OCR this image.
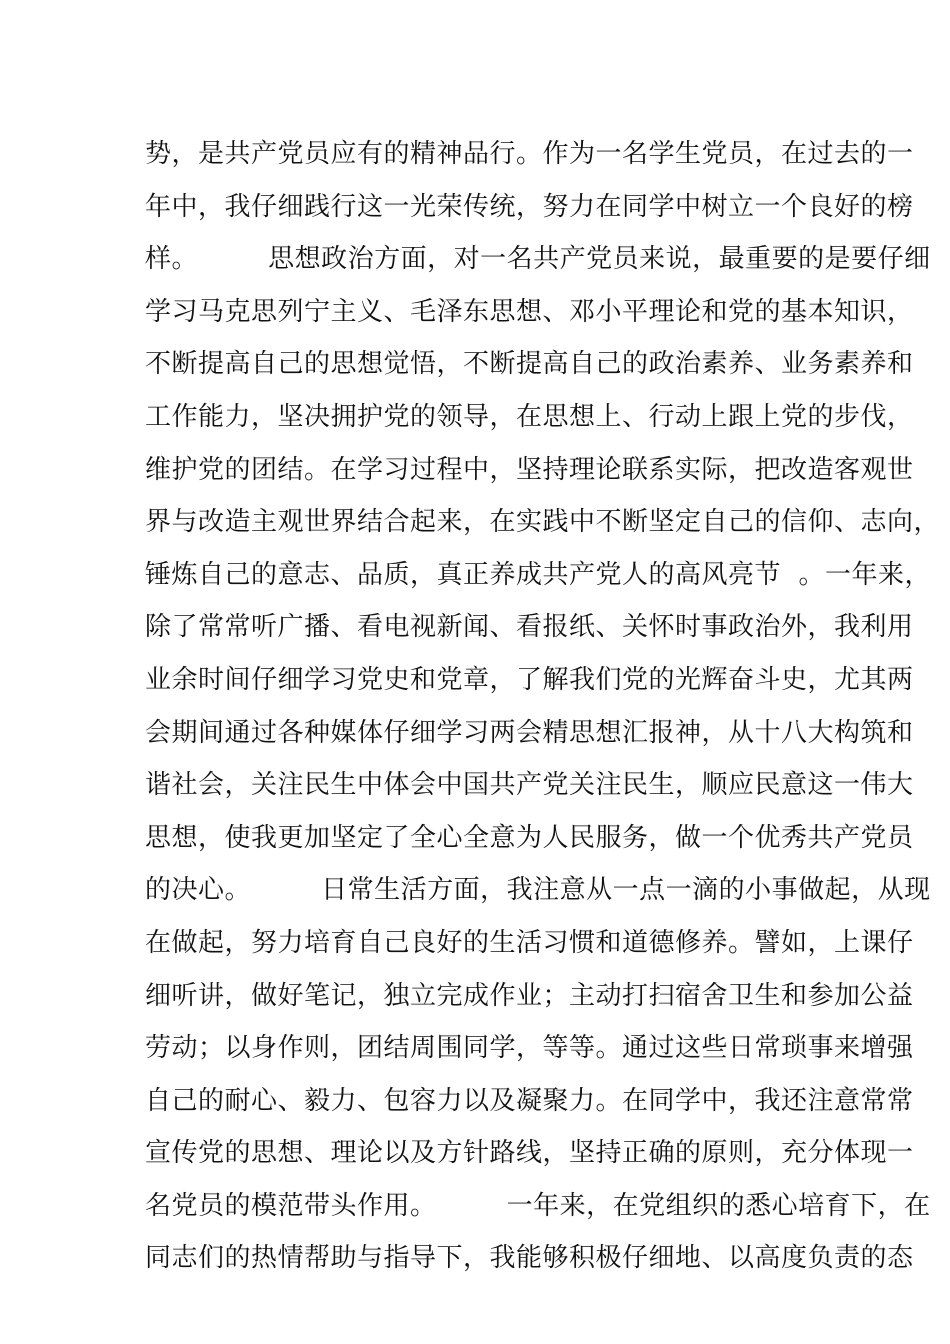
势，是共产党员应有的精神品行。作为一名学生党员，在过去的一
年中，我仔细践行这一光荣传统，努力在同学中树立一个良好的榜
样。        思想政治方面，对一名共产党员来说，最重要的是要仔细
学习马克思列宁主义、毛泽东思想、邓小平理论和党的基本知识，
不断提高自己的思想觉悟，不断提高自己的政治素养、业务素养和
工作能力，坚决拥护党的领导，在思想上、行动上跟上党的步伐，
维护党的团结。在学习过程中，坚持理论联系实际，把改造客观世
界与改造主观世界结合起来，在实践中不断坚定自己的信仰、志向，
锤炼自己的意志、品质，真正养成共产党人的高风亮节  。一年来，
除了常常听广播、看电视新闻、看报纸、关怀时事政治外，我利用
业余时间仔细学习党史和党章，了解我们党的光辉奋斗史，尤其两
会期间通过各种媒体仔细学习两会精思想汇报神，从十八大构筑和
谐社会，关注民生中体会中国共产党关注民生，顺应民意这一伟大
思想，使我更加坚定了全心全意为人民服务，做一个优秀共产党员
的决心。        日常生活方面，我注意从一点一滴的小事做起，从现
在做起，努力培育自己良好的生活习惯和道德修养。譬如，上课仔
细听讲，做好笔记，独立完成作业；主动打扫宿舍卫生和参加公益
劳动；以身作则，团结周围同学，等等。通过这些日常琐事来增强
自己的耐心、毅力、包容力以及凝聚力。在同学中，我还注意常常
宣传党的思想、理论以及方针路线，坚持正确的原则，充分体现一
名党员的模范带头作用。        一年来，在党组织的悉心培育下，在
同志们的热情帮助与指导下，我能够积极仔细地、以高度负责的态
